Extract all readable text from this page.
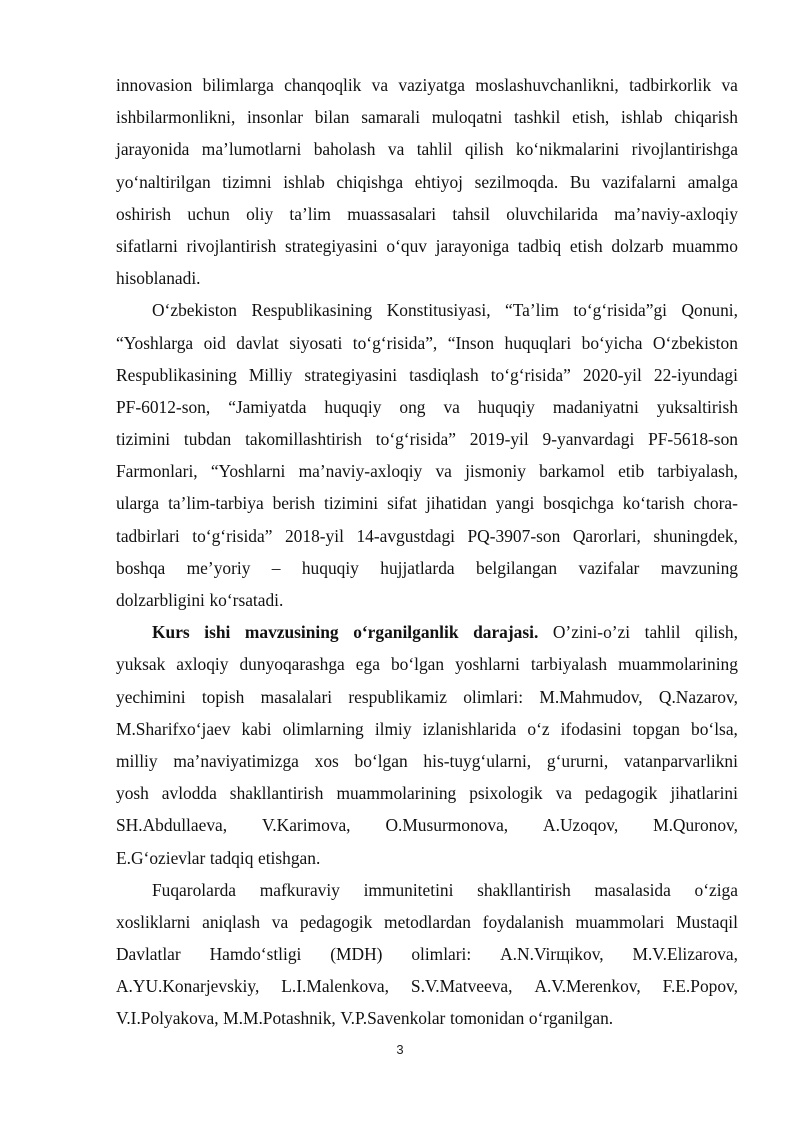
innovasion bilimlarga chanqoqlik va vaziyatga moslashuvchanlikni, tadbirkorlik va
ishbilarmonlikni, insonlar bilan samarali muloqatni tashkil etish, ishlab chiqarish
jarayonida ma’lumotlarni baholash va tahlil qilish ko‘nikmalarini rivojlantirishga
yo‘naltirilgan tizimni ishlab chiqishga ehtiyoj sezilmoqda. Bu vazifalarni amalga
oshirish uchun oliy ta’lim muassasalari tahsil oluvchilarida ma’naviy-axloqiy
sifatlarni rivojlantirish strategiyasini o‘quv jarayoniga tadbiq etish dolzarb muammo
hisoblanadi.
O‘zbekiston Respublikasining Konstitusiyasi, “Ta’lim to‘g‘risida”gi Qonuni,
“Yoshlarga oid davlat siyosati to‘g‘risida”, “Inson huquqlari bo‘yicha O‘zbekiston
Respublikasining Milliy strategiyasini tasdiqlash to‘g‘risida” 2020-yil 22-iyundagi
PF-6012-son, “Jamiyatda huquqiy ong va huquqiy madaniyatni yuksaltirish
tizimini tubdan takomillashtirish to‘g‘risida” 2019-yil 9-yanvardagi PF-5618-son
Farmonlari, “Yoshlarni ma’naviy-axloqiy va jismoniy barkamol etib tarbiyalash,
ularga ta’lim-tarbiya berish tizimini sifat jihatidan yangi bosqichga ko‘tarish chora-
tadbirlari to‘g‘risida” 2018-yil 14-avgustdagi PQ-3907-son Qarorlari, shuningdek,
boshqa me’yoriy – huquqiy hujjatlarda belgilangan vazifalar mavzuning
dolzarbligini ko‘rsatadi.
Kurs ishi mavzusining o‘rganilganlik darajasi. O’zini-o’zi tahlil qilish,
yuksak axloqiy dunyoqarashga ega bo‘lgan yoshlarni tarbiyalash muammolarining
yechimini topish masalalari respublikamiz olimlari: M.Mahmudov, Q.Nazarov,
M.Sharifxo‘jaev kabi olimlarning ilmiy izlanishlarida o‘z ifodasini topgan bo‘lsa,
milliy ma’naviyatimizga xos bo‘lgan his-tuyg‘ularni, g‘ururni, vatanparvarlikni
yosh avlodda shakllantirish muammolarining psixologik va pedagogik jihatlarini
SH.Abdullaeva, V.Karimova, O.Musurmonova, A.Uzoqov, M.Quronov,
E.G‘ozievlar tadqiq etishgan.
Fuqarolarda mafkuraviy immunitetini shakllantirish masalasida o‘ziga
xosliklarni aniqlash va pedagogik metodlardan foydalanish muammolari Mustaqil
Davlatlar Hamdo‘stligi (MDH) olimlari: A.N.Virщikov, M.V.Elizarova,
A.YU.Konarjevskiy, L.I.Malenkova, S.V.Matveeva, A.V.Merenkov, F.E.Popov,
V.I.Polyakova, M.M.Potashnik, V.P.Savenkolar tomonidan o‘rganilgan.
3
